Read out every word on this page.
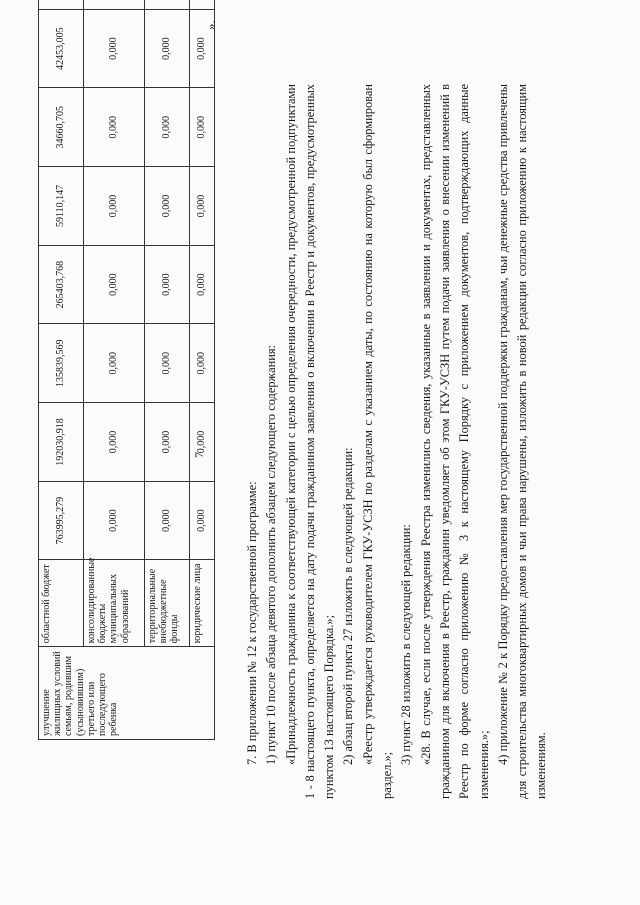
7
улучшение жилищных условий семьям, родившим (усыновившим) третьего или последующего ребенка	областной бюджет	763995,279	192030,918	135839,569	265403,768	59110,147	34660,705	42453,005	
	консолидированные бюджеты муниципальных образований	0,000	0,000	0,000	0,000	0,000	0,000	0,000	
	территориальные внебюджетные фонды	0,000	0,000	0,000	0,000	0,000	0,000	0,000	
	юридические лица	0,000	0,000	0,000	0,000	0,000	0,000	0,000	
».

7. В приложении № 12 к государственной программе: 1) пункт 10 после абзаца девятого дополнить абзацем следующего содержания: «Принадлежность гражданина к соответствующей категории с целью определения очередности, предусмотренной подпунктами 1 - 8 настоящего пункта, определяется на дату подачи гражданином заявления о включении в Реестр и документов, предусмотренных пунктом 13 настоящего Порядка.»; 2) абзац второй пункта 27 изложить в следующей редакции: «Реестр утверждается руководителем ГКУ-УСЗН по разделам с указанием даты, по состоянию на которую был сформирован раздел.»;

3) пункт 28 изложить в следующей редакции: «28. В случае, если после утверждения Реестра изменились сведения, указанные в заявлении и документах, представленных гражданином для включения в Реестр, гражданин уведомляет об этом ГКУ-УСЗН путем подачи заявления о внесении изменений в Реестр по форме согласно приложению № 3 к настоящему Порядку с приложением документов, подтверждающих данные изменения.»; 4) приложение № 2 к Порядку предоставления мер государственной поддержки гражданам, чьи денежные средства привлечены для строительства многоквартирных домов и чьи права нарушены, изложить в новой редакции согласно приложению к настоящим изменениям.
